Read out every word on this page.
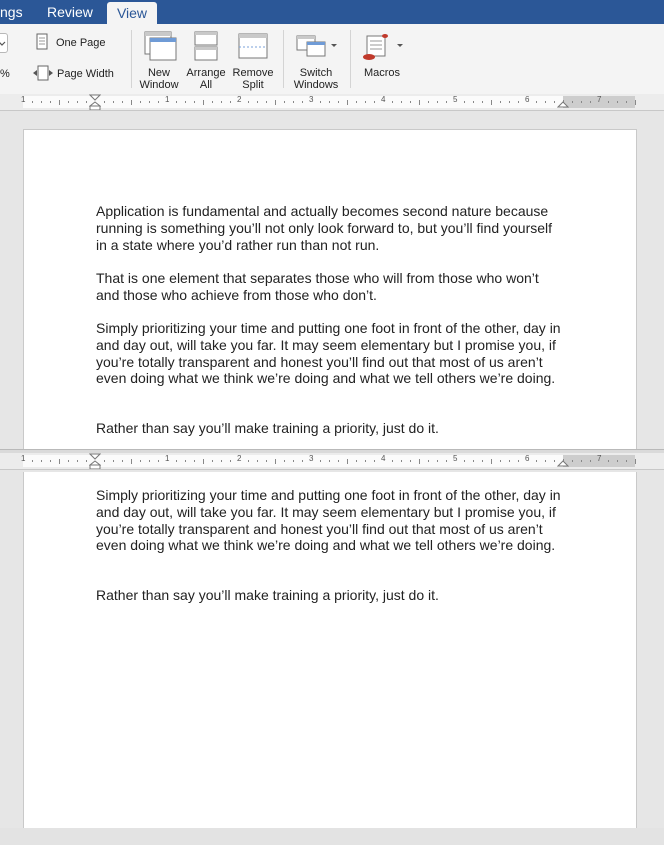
ngs	Review	View
%
One Page
Page Width	New
Window
Arrange
All
Remove
Split
Switch
Windows
Macros
1	1	2	3	4	5	6	7

Application is fundamental and actually becomes second nature because running is something you’ll not only look forward to, but you’ll find yourself in a state where you’d rather run than not run.

That is one element that separates those who will from those who won’t and those who achieve from those who don’t.

Simply prioritizing your time and putting one foot in front of the other, day in and day out, will take you far. It may seem elementary but I promise you, if you’re totally transparent and honest you’ll find out that most of us aren’t even doing what we think we’re doing and what we tell others we’re doing.

Rather than say you’ll make training a priority, just do it.

1	1	2	3	4	5	6	7

Simply prioritizing your time and putting one foot in front of the other, day in and day out, will take you far. It may seem elementary but I promise you, if you’re totally transparent and honest you’ll find out that most of us aren’t even doing what we think we’re doing and what we tell others we’re doing.

Rather than say you’ll make training a priority, just do it.
